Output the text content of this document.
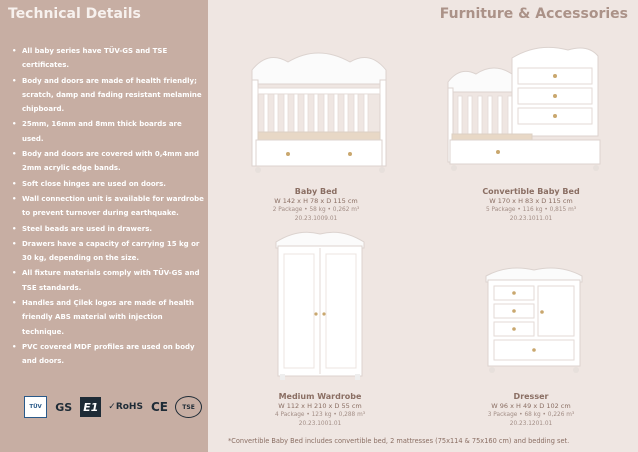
Technical Details
• All baby series have TÜV-GS and TSE certificates.
• Body and doors are made of health friendly; scratch, damp and fading resistant melamine chipboard.
• 25mm, 16mm and 8mm thick boards are used.
• Body and doors are covered with 0,4mm and 2mm acrylic edge bands.
• Soft close hinges are used on doors.
• Wall connection unit is available for wardrobe to prevent turnover during earthquake.
• Steel beads are used in drawers.
• Drawers have a capacity of carrying 15 kg or 30 kg, depending on the size.
• All fixture materials comply with TÜV-GS and TSE standards.
• Handles and Çilek logos are made of health friendly ABS material with injection technique.
• PVC covered MDF profiles are used on body and doors.
TÜV GS E1 ✓ RoHS CE TSE
Furniture & Accessories

Baby Bed

W 142 x H 78 x D 115 cm

2 Package • 58 kg • 0,262 m³

20.23.1009.01

Convertible Baby Bed

W 170 x H 83 x D 115 cm

5 Package • 116 kg • 0,815 m³

20.23.1011.01

Medium Wardrobe

W 112 x H 210 x D 55 cm

4 Package • 123 kg • 0,288 m³

20.23.1001.01

Dresser

W 96 x H 49 x D 102 cm

3 Package • 68 kg • 0,226 m³

20.23.1201.01

*Convertible Baby Bed includes convertible bed, 2 mattresses (75x114 & 75x160 cm) and bedding set.
